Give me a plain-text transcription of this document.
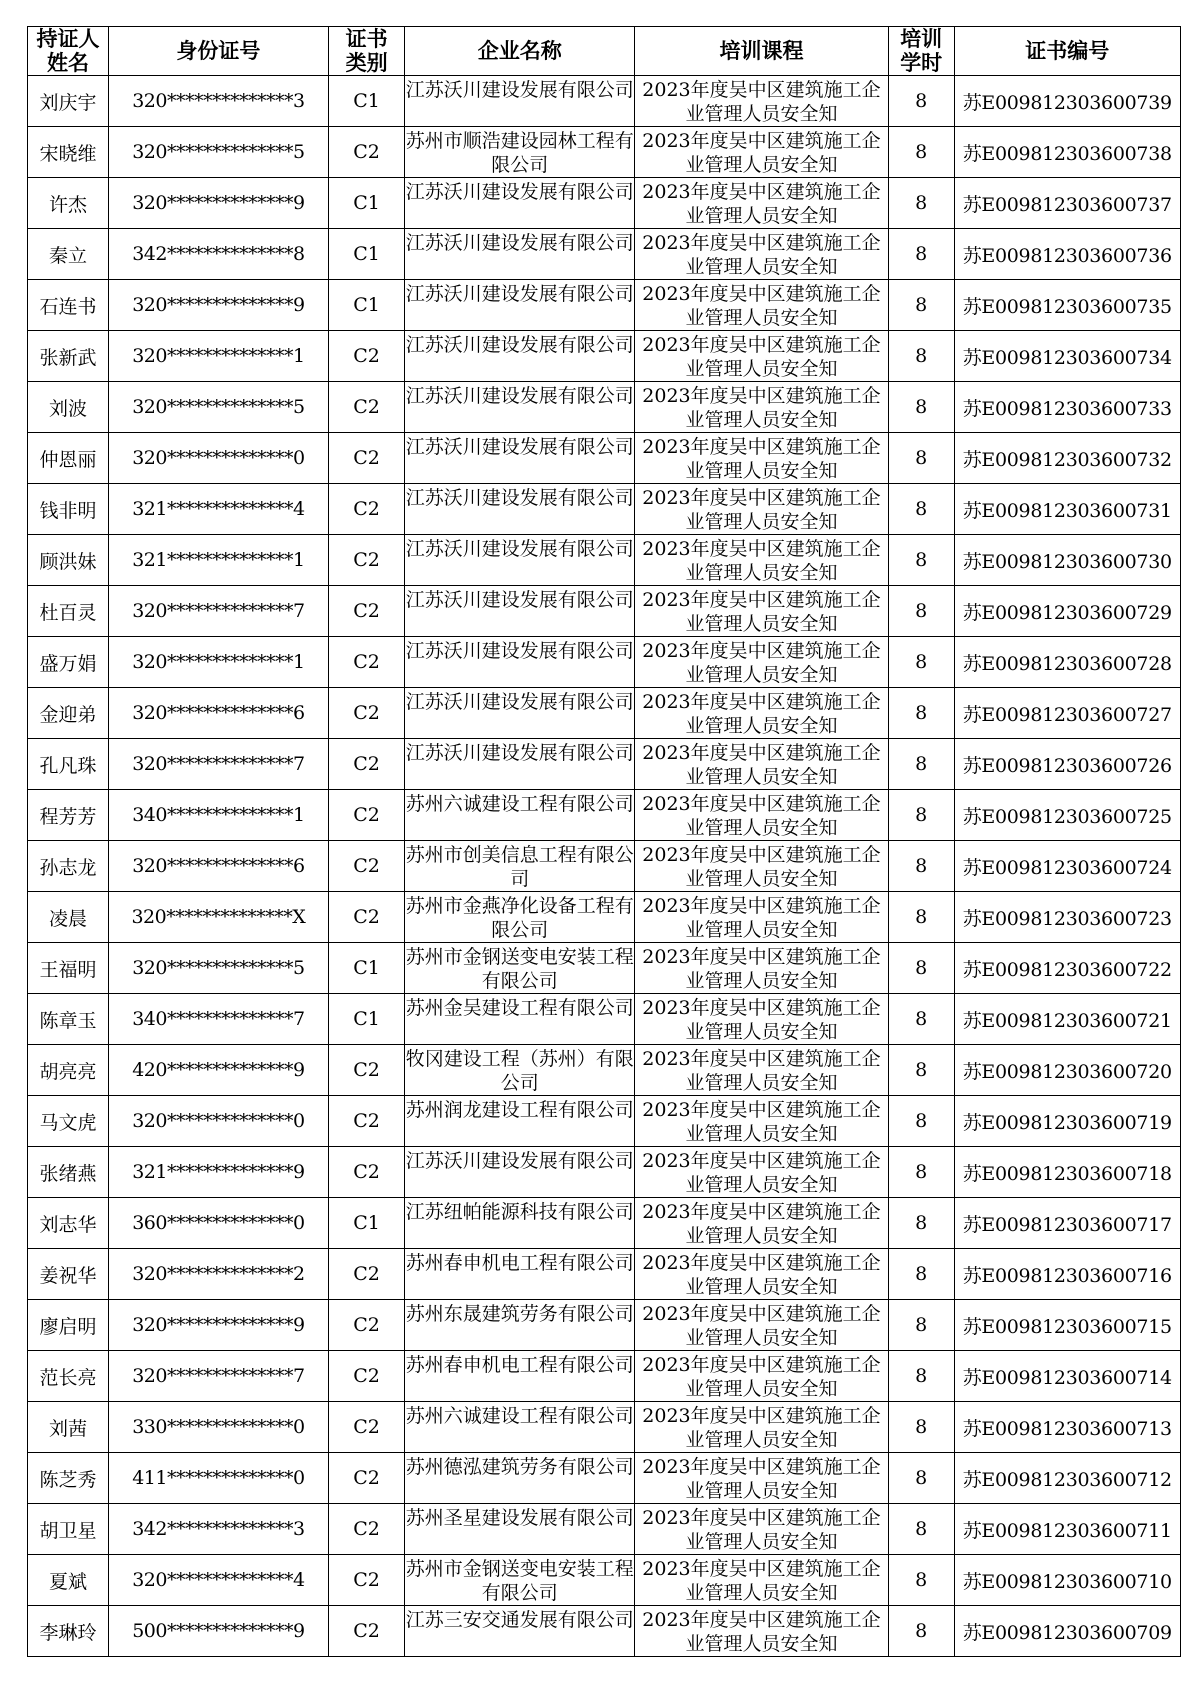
持证人姓名	身份证号	证书类别	企业名称	培训课程	培训学时	证书编号
刘庆宇	320**************3	C1	江苏沃川建设发展有限公司	2023年度吴中区建筑施工企业管理人员安全知	8	苏E009812303600739
宋晓维	320**************5	C2	苏州市顺浩建设园林工程有限公司	2023年度吴中区建筑施工企业管理人员安全知	8	苏E009812303600738
许杰	320**************9	C1	江苏沃川建设发展有限公司	2023年度吴中区建筑施工企业管理人员安全知	8	苏E009812303600737
秦立	342**************8	C1	江苏沃川建设发展有限公司	2023年度吴中区建筑施工企业管理人员安全知	8	苏E009812303600736
石连书	320**************9	C1	江苏沃川建设发展有限公司	2023年度吴中区建筑施工企业管理人员安全知	8	苏E009812303600735
张新武	320**************1	C2	江苏沃川建设发展有限公司	2023年度吴中区建筑施工企业管理人员安全知	8	苏E009812303600734
刘波	320**************5	C2	江苏沃川建设发展有限公司	2023年度吴中区建筑施工企业管理人员安全知	8	苏E009812303600733
仲恩丽	320**************0	C2	江苏沃川建设发展有限公司	2023年度吴中区建筑施工企业管理人员安全知	8	苏E009812303600732
钱非明	321**************4	C2	江苏沃川建设发展有限公司	2023年度吴中区建筑施工企业管理人员安全知	8	苏E009812303600731
顾洪妹	321**************1	C2	江苏沃川建设发展有限公司	2023年度吴中区建筑施工企业管理人员安全知	8	苏E009812303600730
杜百灵	320**************7	C2	江苏沃川建设发展有限公司	2023年度吴中区建筑施工企业管理人员安全知	8	苏E009812303600729
盛万娟	320**************1	C2	江苏沃川建设发展有限公司	2023年度吴中区建筑施工企业管理人员安全知	8	苏E009812303600728
金迎弟	320**************6	C2	江苏沃川建设发展有限公司	2023年度吴中区建筑施工企业管理人员安全知	8	苏E009812303600727
孔凡珠	320**************7	C2	江苏沃川建设发展有限公司	2023年度吴中区建筑施工企业管理人员安全知	8	苏E009812303600726
程芳芳	340**************1	C2	苏州六诚建设工程有限公司	2023年度吴中区建筑施工企业管理人员安全知	8	苏E009812303600725
孙志龙	320**************6	C2	苏州市创美信息工程有限公司	2023年度吴中区建筑施工企业管理人员安全知	8	苏E009812303600724
凌晨	320**************X	C2	苏州市金燕净化设备工程有限公司	2023年度吴中区建筑施工企业管理人员安全知	8	苏E009812303600723
王福明	320**************5	C1	苏州市金钢送变电安装工程有限公司	2023年度吴中区建筑施工企业管理人员安全知	8	苏E009812303600722
陈章玉	340**************7	C1	苏州金吴建设工程有限公司	2023年度吴中区建筑施工企业管理人员安全知	8	苏E009812303600721
胡亮亮	420**************9	C2	牧冈建设工程（苏州）有限公司	2023年度吴中区建筑施工企业管理人员安全知	8	苏E009812303600720
马文虎	320**************0	C2	苏州润龙建设工程有限公司	2023年度吴中区建筑施工企业管理人员安全知	8	苏E009812303600719
张绪燕	321**************9	C2	江苏沃川建设发展有限公司	2023年度吴中区建筑施工企业管理人员安全知	8	苏E009812303600718
刘志华	360**************0	C1	江苏纽帕能源科技有限公司	2023年度吴中区建筑施工企业管理人员安全知	8	苏E009812303600717
姜祝华	320**************2	C2	苏州春申机电工程有限公司	2023年度吴中区建筑施工企业管理人员安全知	8	苏E009812303600716
廖启明	320**************9	C2	苏州东晟建筑劳务有限公司	2023年度吴中区建筑施工企业管理人员安全知	8	苏E009812303600715
范长亮	320**************7	C2	苏州春申机电工程有限公司	2023年度吴中区建筑施工企业管理人员安全知	8	苏E009812303600714
刘茜	330**************0	C2	苏州六诚建设工程有限公司	2023年度吴中区建筑施工企业管理人员安全知	8	苏E009812303600713
陈芝秀	411**************0	C2	苏州德泓建筑劳务有限公司	2023年度吴中区建筑施工企业管理人员安全知	8	苏E009812303600712
胡卫星	342**************3	C2	苏州圣星建设发展有限公司	2023年度吴中区建筑施工企业管理人员安全知	8	苏E009812303600711
夏斌	320**************4	C2	苏州市金钢送变电安装工程有限公司	2023年度吴中区建筑施工企业管理人员安全知	8	苏E009812303600710
李琳玲	500**************9	C2	江苏三安交通发展有限公司	2023年度吴中区建筑施工企业管理人员安全知	8	苏E009812303600709
